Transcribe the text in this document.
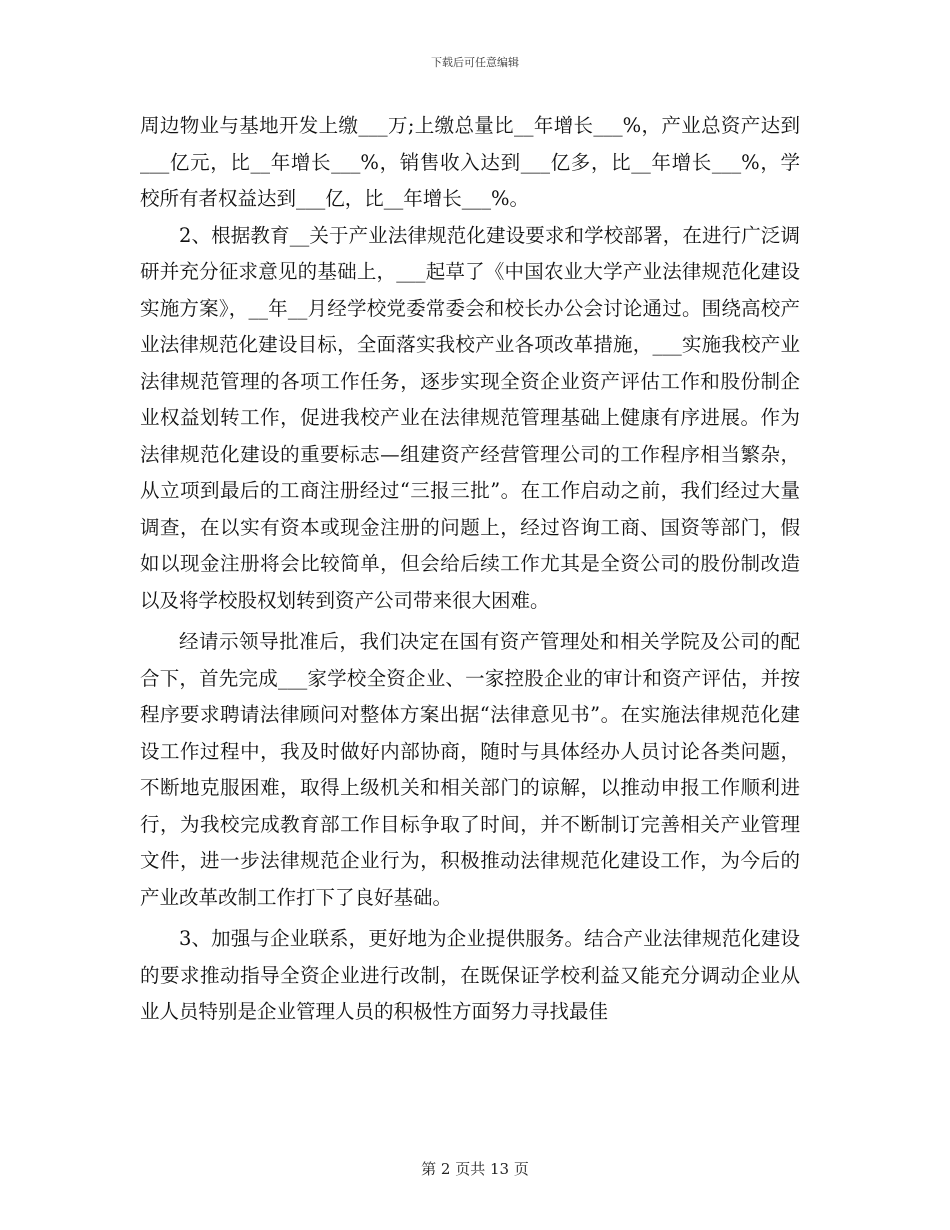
下载后可任意编辑

周边物业与基地开发上缴___万;上缴总量比__年增长___%，产业总资产达到___亿元，比__年增长___%，销售收入达到___亿多，比__年增长___%，学校所有者权益达到___亿，比__年增长___%。

2、根据教育__关于产业法律规范化建设要求和学校部署，在进行广泛调研并充分征求意见的基础上，___起草了《中国农业大学产业法律规范化建设实施方案》，__年__月经学校党委常委会和校长办公会讨论通过。围绕高校产业法律规范化建设目标，全面落实我校产业各项改革措施，___实施我校产业法律规范管理的各项工作任务，逐步实现全资企业资产评估工作和股份制企业权益划转工作，促进我校产业在法律规范管理基础上健康有序进展。作为法律规范化建设的重要标志—组建资产经营管理公司的工作程序相当繁杂，从立项到最后的工商注册经过“三报三批”。在工作启动之前，我们经过大量调查，在以实有资本或现金注册的问题上，经过咨询工商、国资等部门，假如以现金注册将会比较简单，但会给后续工作尤其是全资公司的股份制改造以及将学校股权划转到资产公司带来很大困难。

经请示领导批准后，我们决定在国有资产管理处和相关学院及公司的配合下，首先完成___家学校全资企业、一家控股企业的审计和资产评估，并按程序要求聘请法律顾问对整体方案出据“法律意见书”。在实施法律规范化建设工作过程中，我及时做好内部协商，随时与具体经办人员讨论各类问题，不断地克服困难，取得上级机关和相关部门的谅解，以推动申报工作顺利进行，为我校完成教育部工作目标争取了时间，并不断制订完善相关产业管理文件，进一步法律规范企业行为，积极推动法律规范化建设工作，为今后的产业改革改制工作打下了良好基础。

3、加强与企业联系，更好地为企业提供服务。结合产业法律规范化建设的要求推动指导全资企业进行改制，在既保证学校利益又能充分调动企业从业人员特别是企业管理人员的积极性方面努力寻找最佳

第 2 页共 13 页
